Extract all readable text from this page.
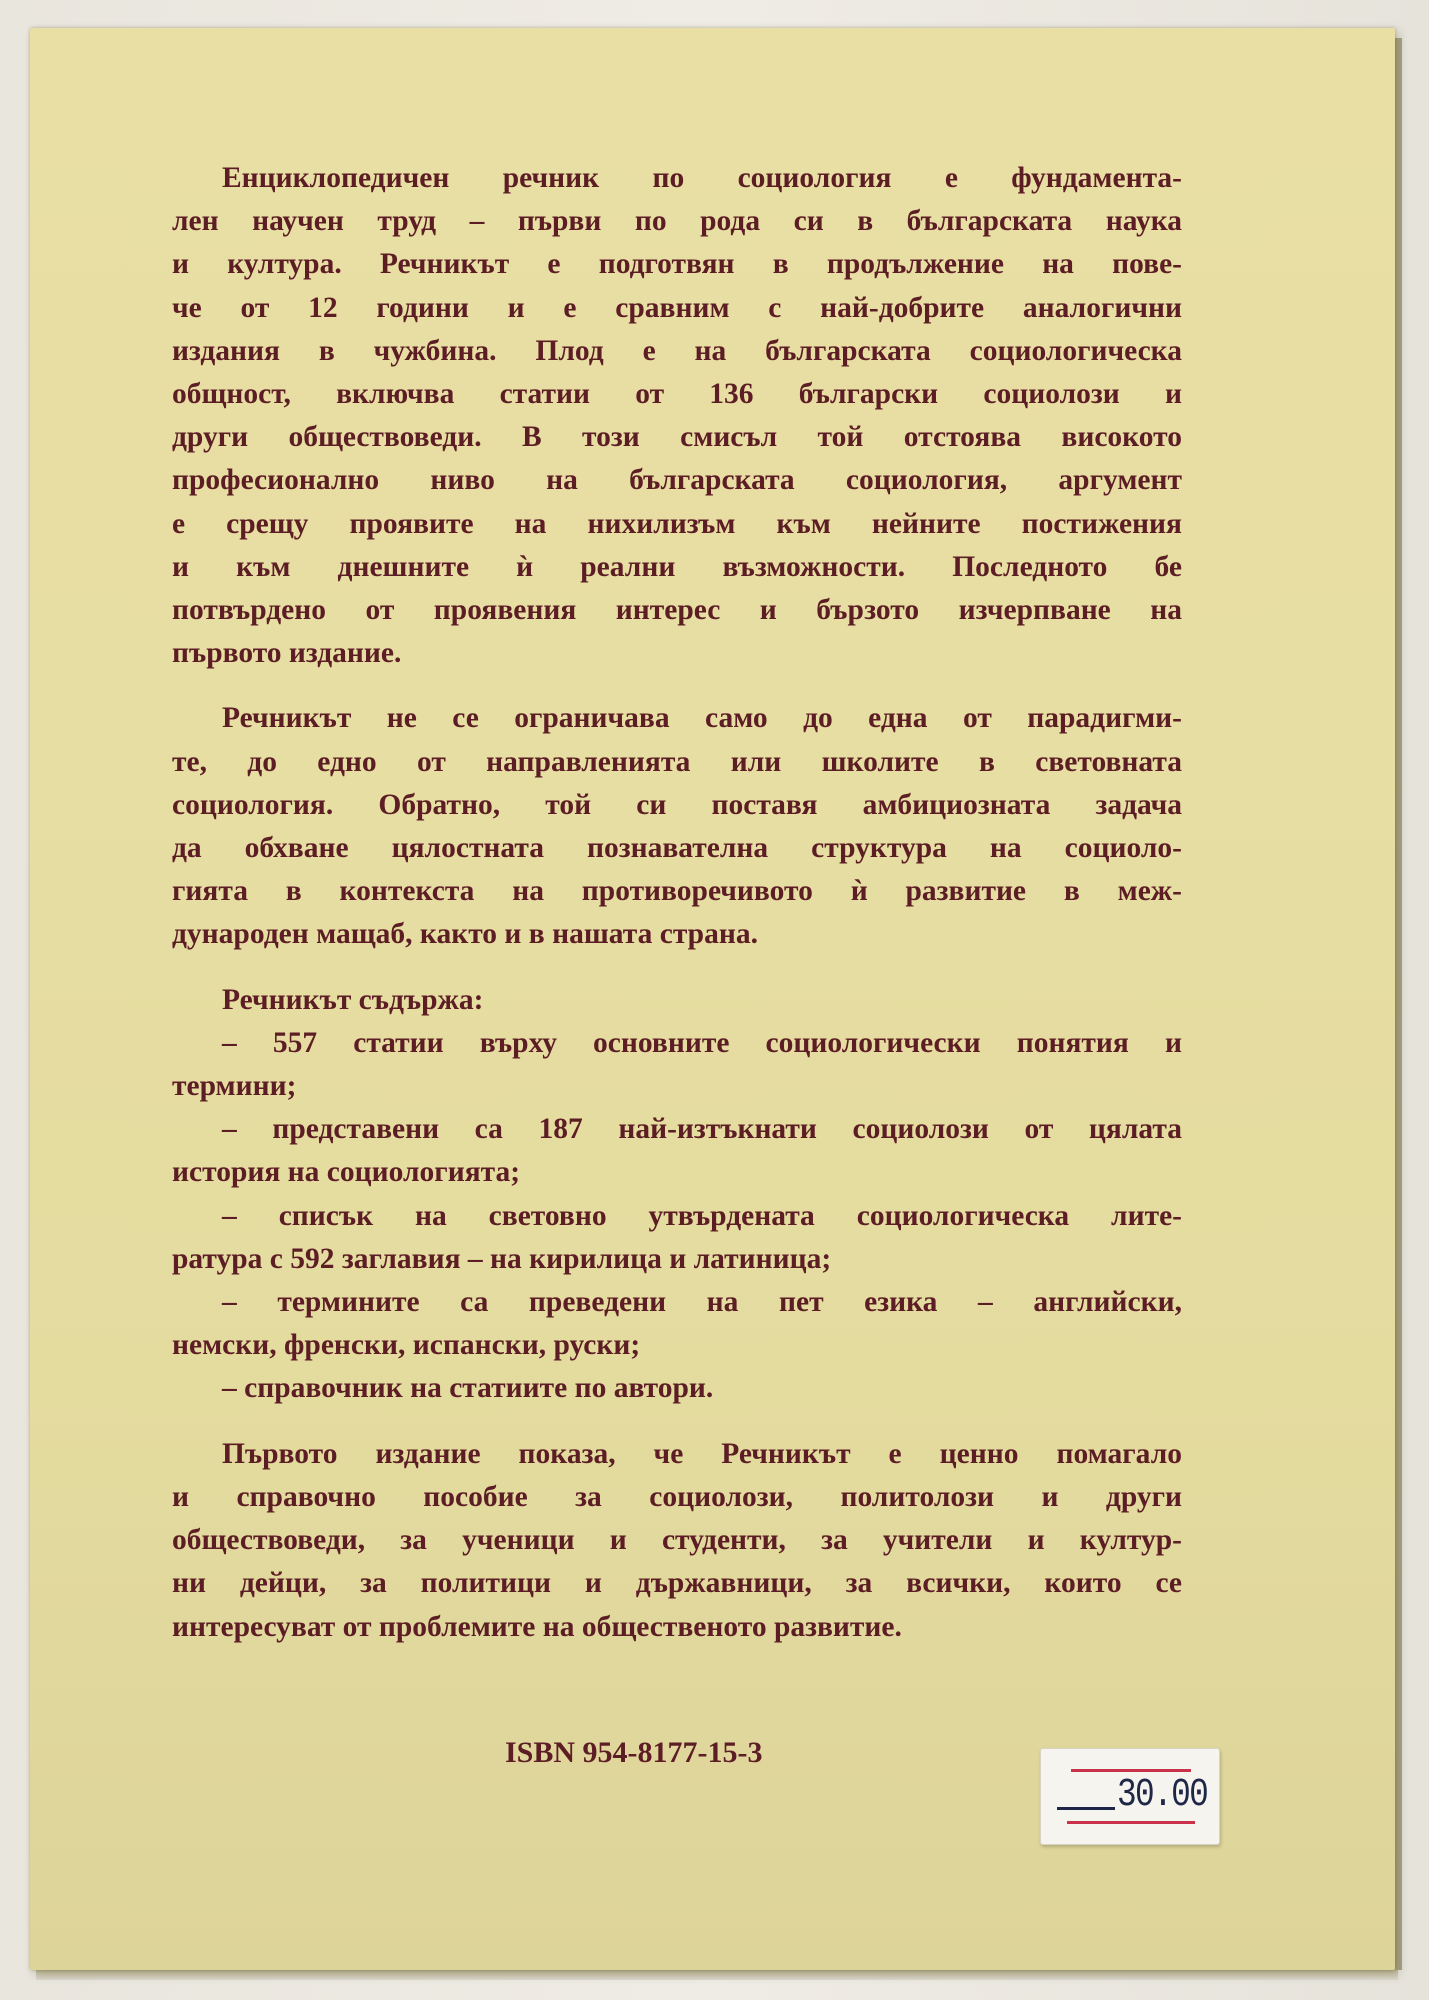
Енциклопедичен речник по социология е фундамента-
лен научен труд – първи по рода си в българската наука
и култура. Речникът е подготвян в продължение на пове-
че от 12 години и е сравним с най-добрите аналогични
издания в чужбина. Плод е на българската социологическа
общност, включва статии от 136 български социолози и
други обществоведи. В този смисъл той отстоява високото
професионално ниво на българската социология, аргумент
е срещу проявите на нихилизъм към нейните постижения
и към днешните ѝ реални възможности. Последното бе
потвърдено от проявения интерес и бързото изчерпване на
първото издание.

Речникът не се ограничава само до една от парадигми-
те, до едно от направленията или школите в световната
социология. Обратно, той си поставя амбициозната задача
да обхване цялостната познавателна структура на социоло-
гията в контекста на противоречивото ѝ развитие в меж-
дународен мащаб, както и в нашата страна.

Речникът съдържа:
– 557 статии върху основните социологически понятия и
термини;
– представени са 187 най-изтъкнати социолози от цялата
история на социологията;
– списък на световно утвърдената социологическа лите-
ратура с 592 заглавия – на кирилица и латиница;
– термините са преведени на пет езика – английски,
немски, френски, испански, руски;
– справочник на статиите по автори.

Първото издание показа, че Речникът е ценно помагало
и справочно пособие за социолози, политолози и други
обществоведи, за ученици и студенти, за учители и култур-
ни дейци, за политици и държавници, за всички, които се
интересуват от проблемите на общественото развитие.

ISBN 954-8177-15-3
30.00
